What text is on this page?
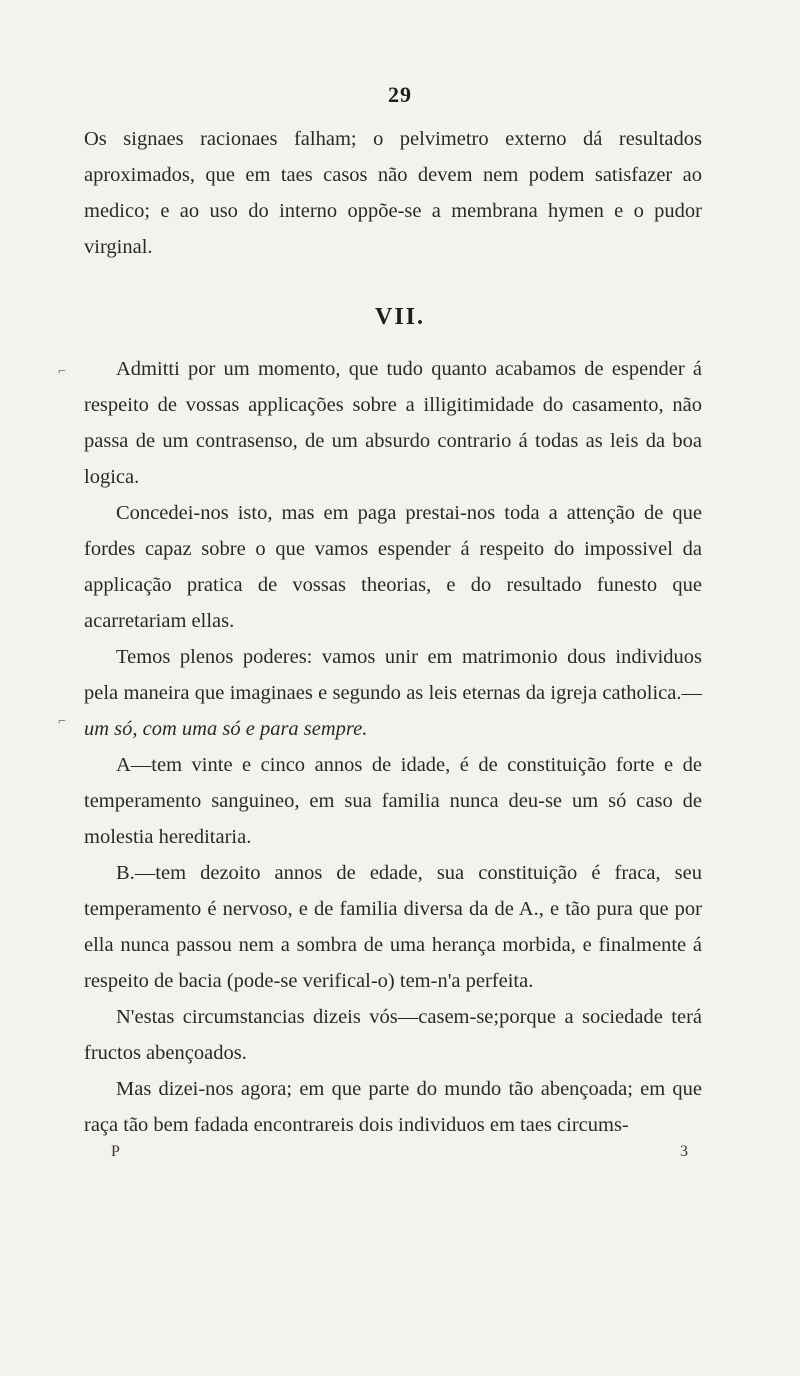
29

Os signaes racionaes falham; o pelvimetro externo dá resultados aproximados, que em taes casos não devem nem podem satisfazer ao medico; e ao uso do interno oppõe-se a membrana hymen e o pudor virginal.

VII.

Admitti por um momento, que tudo quanto acabamos de espender á respeito de vossas applicações sobre a illigitimidade do casamento, não passa de um contrasenso, de um absurdo contrario á todas as leis da boa logica.

Concedei-nos isto, mas em paga prestai-nos toda a attenção de que fordes capaz sobre o que vamos espender á respeito do impossivel da applicação pratica de vossas theorias, e do resultado funesto que acarretariam ellas.

Temos plenos poderes: vamos unir em matrimonio dous individuos pela maneira que imaginaes e segundo as leis eternas da igreja catholica.—um só, com uma só e para sempre.

A—tem vinte e cinco annos de idade, é de constituição forte e de temperamento sanguineo, em sua familia nunca deu-se um só caso de molestia hereditaria.

B.—tem dezoito annos de edade, sua constituição é fraca, seu temperamento é nervoso, e de familia diversa da de A., e tão pura que por ella nunca passou nem a sombra de uma herança morbida, e finalmente á respeito de bacia (pode-se verifical-o) tem-n'a perfeita.

N'estas circumstancias dizeis vós—casem-se;porque a sociedade terá fructos abençoados.

Mas dizei-nos agora; em que parte do mundo tão abençoada; em que raça tão bem fadada encontrareis dois individuos em taes circums-

P	3
⌐
⌐
